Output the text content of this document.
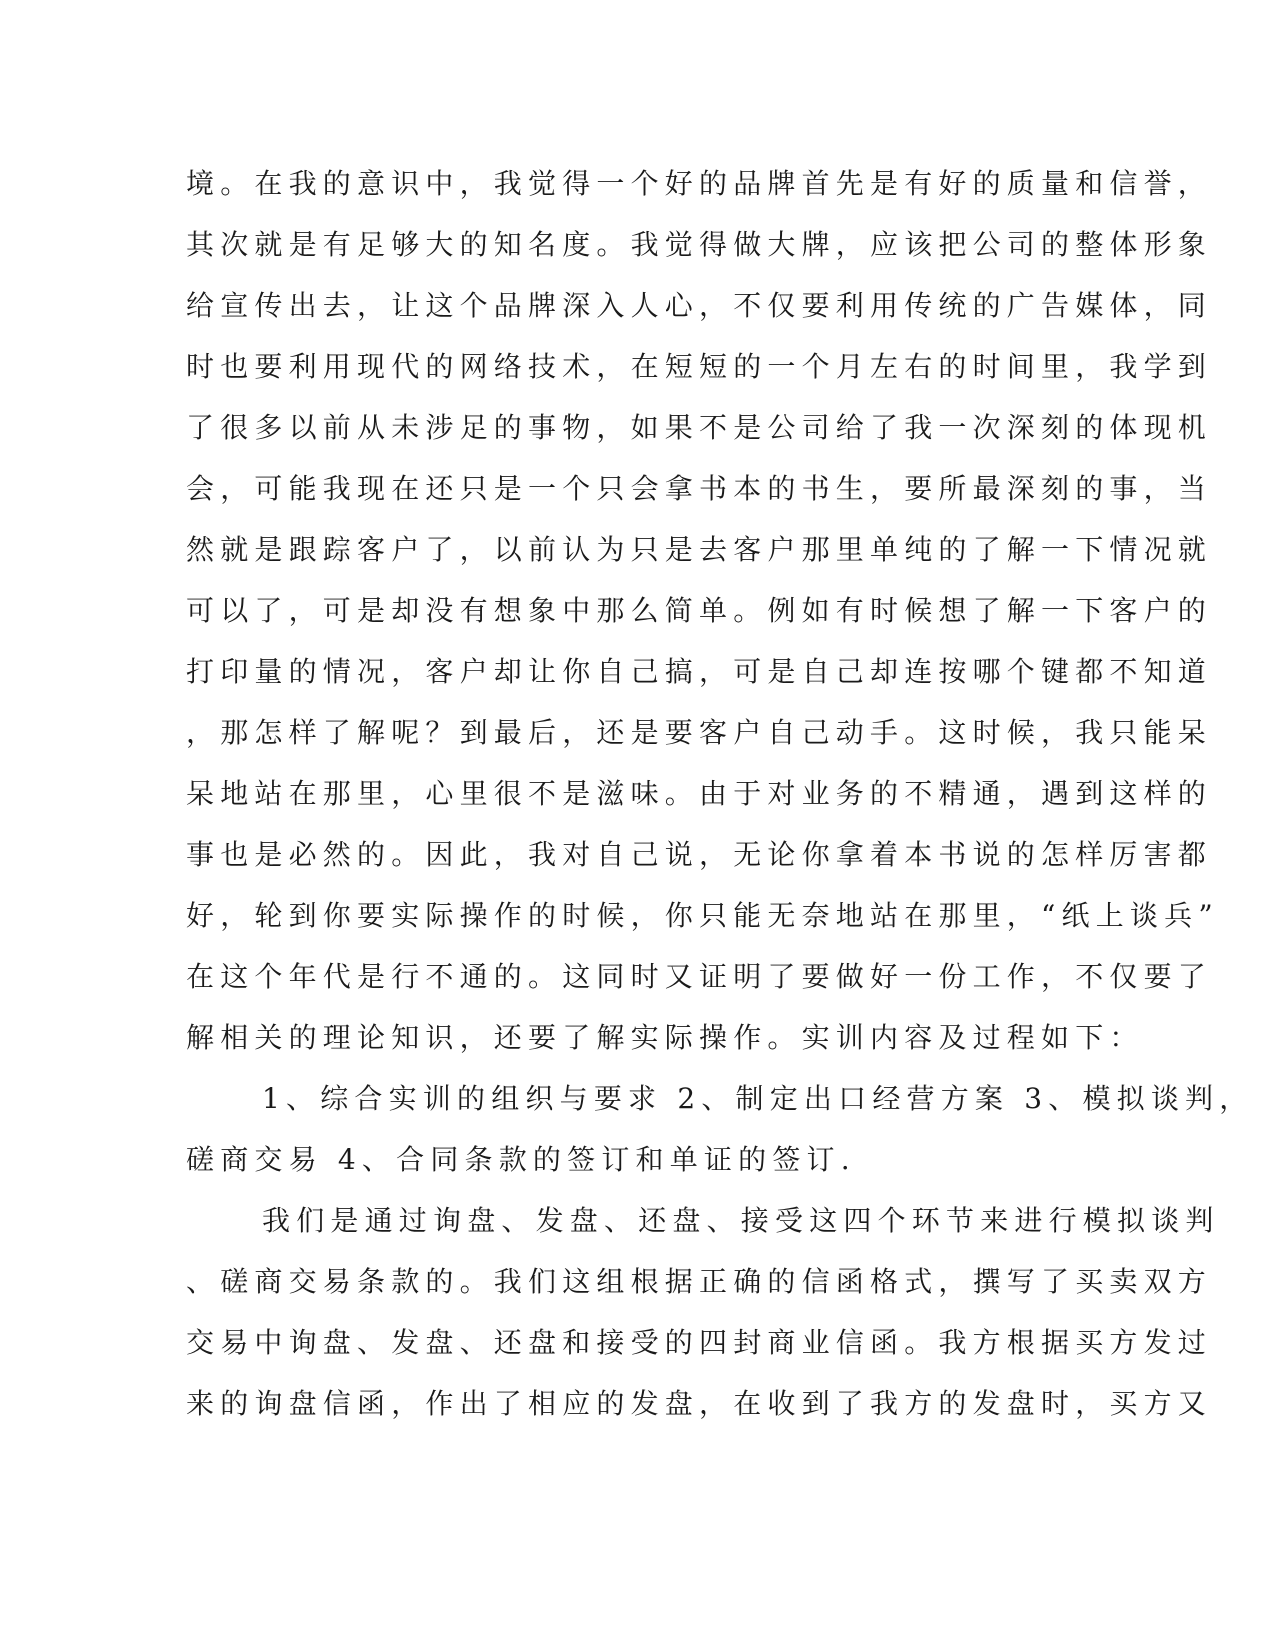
境。在我的意识中，我觉得一个好的品牌首先是有好的质量和信誉，
其次就是有足够大的知名度。我觉得做大牌，应该把公司的整体形象
给宣传出去，让这个品牌深入人心，不仅要利用传统的广告媒体，同
时也要利用现代的网络技术，在短短的一个月左右的时间里，我学到
了很多以前从未涉足的事物，如果不是公司给了我一次深刻的体现机
会，可能我现在还只是一个只会拿书本的书生，要所最深刻的事，当
然就是跟踪客户了，以前认为只是去客户那里单纯的了解一下情况就
可以了，可是却没有想象中那么简单。例如有时候想了解一下客户的
打印量的情况，客户却让你自己搞，可是自己却连按哪个键都不知道
，那怎样了解呢？到最后，还是要客户自己动手。这时候，我只能呆
呆地站在那里，心里很不是滋味。由于对业务的不精通，遇到这样的
事也是必然的。因此，我对自己说，无论你拿着本书说的怎样厉害都
好，轮到你要实际操作的时候，你只能无奈地站在那里，“纸上谈兵”
在这个年代是行不通的。这同时又证明了要做好一份工作，不仅要了
解相关的理论知识，还要了解实际操作。实训内容及过程如下：
1、综合实训的组织与要求 2、制定出口经营方案 3、模拟谈判，
磋商交易 4、合同条款的签订和单证的签订.
我们是通过询盘、发盘、还盘、接受这四个环节来进行模拟谈判
、磋商交易条款的。我们这组根据正确的信函格式，撰写了买卖双方
交易中询盘、发盘、还盘和接受的四封商业信函。我方根据买方发过
来的询盘信函，作出了相应的发盘，在收到了我方的发盘时，买方又
